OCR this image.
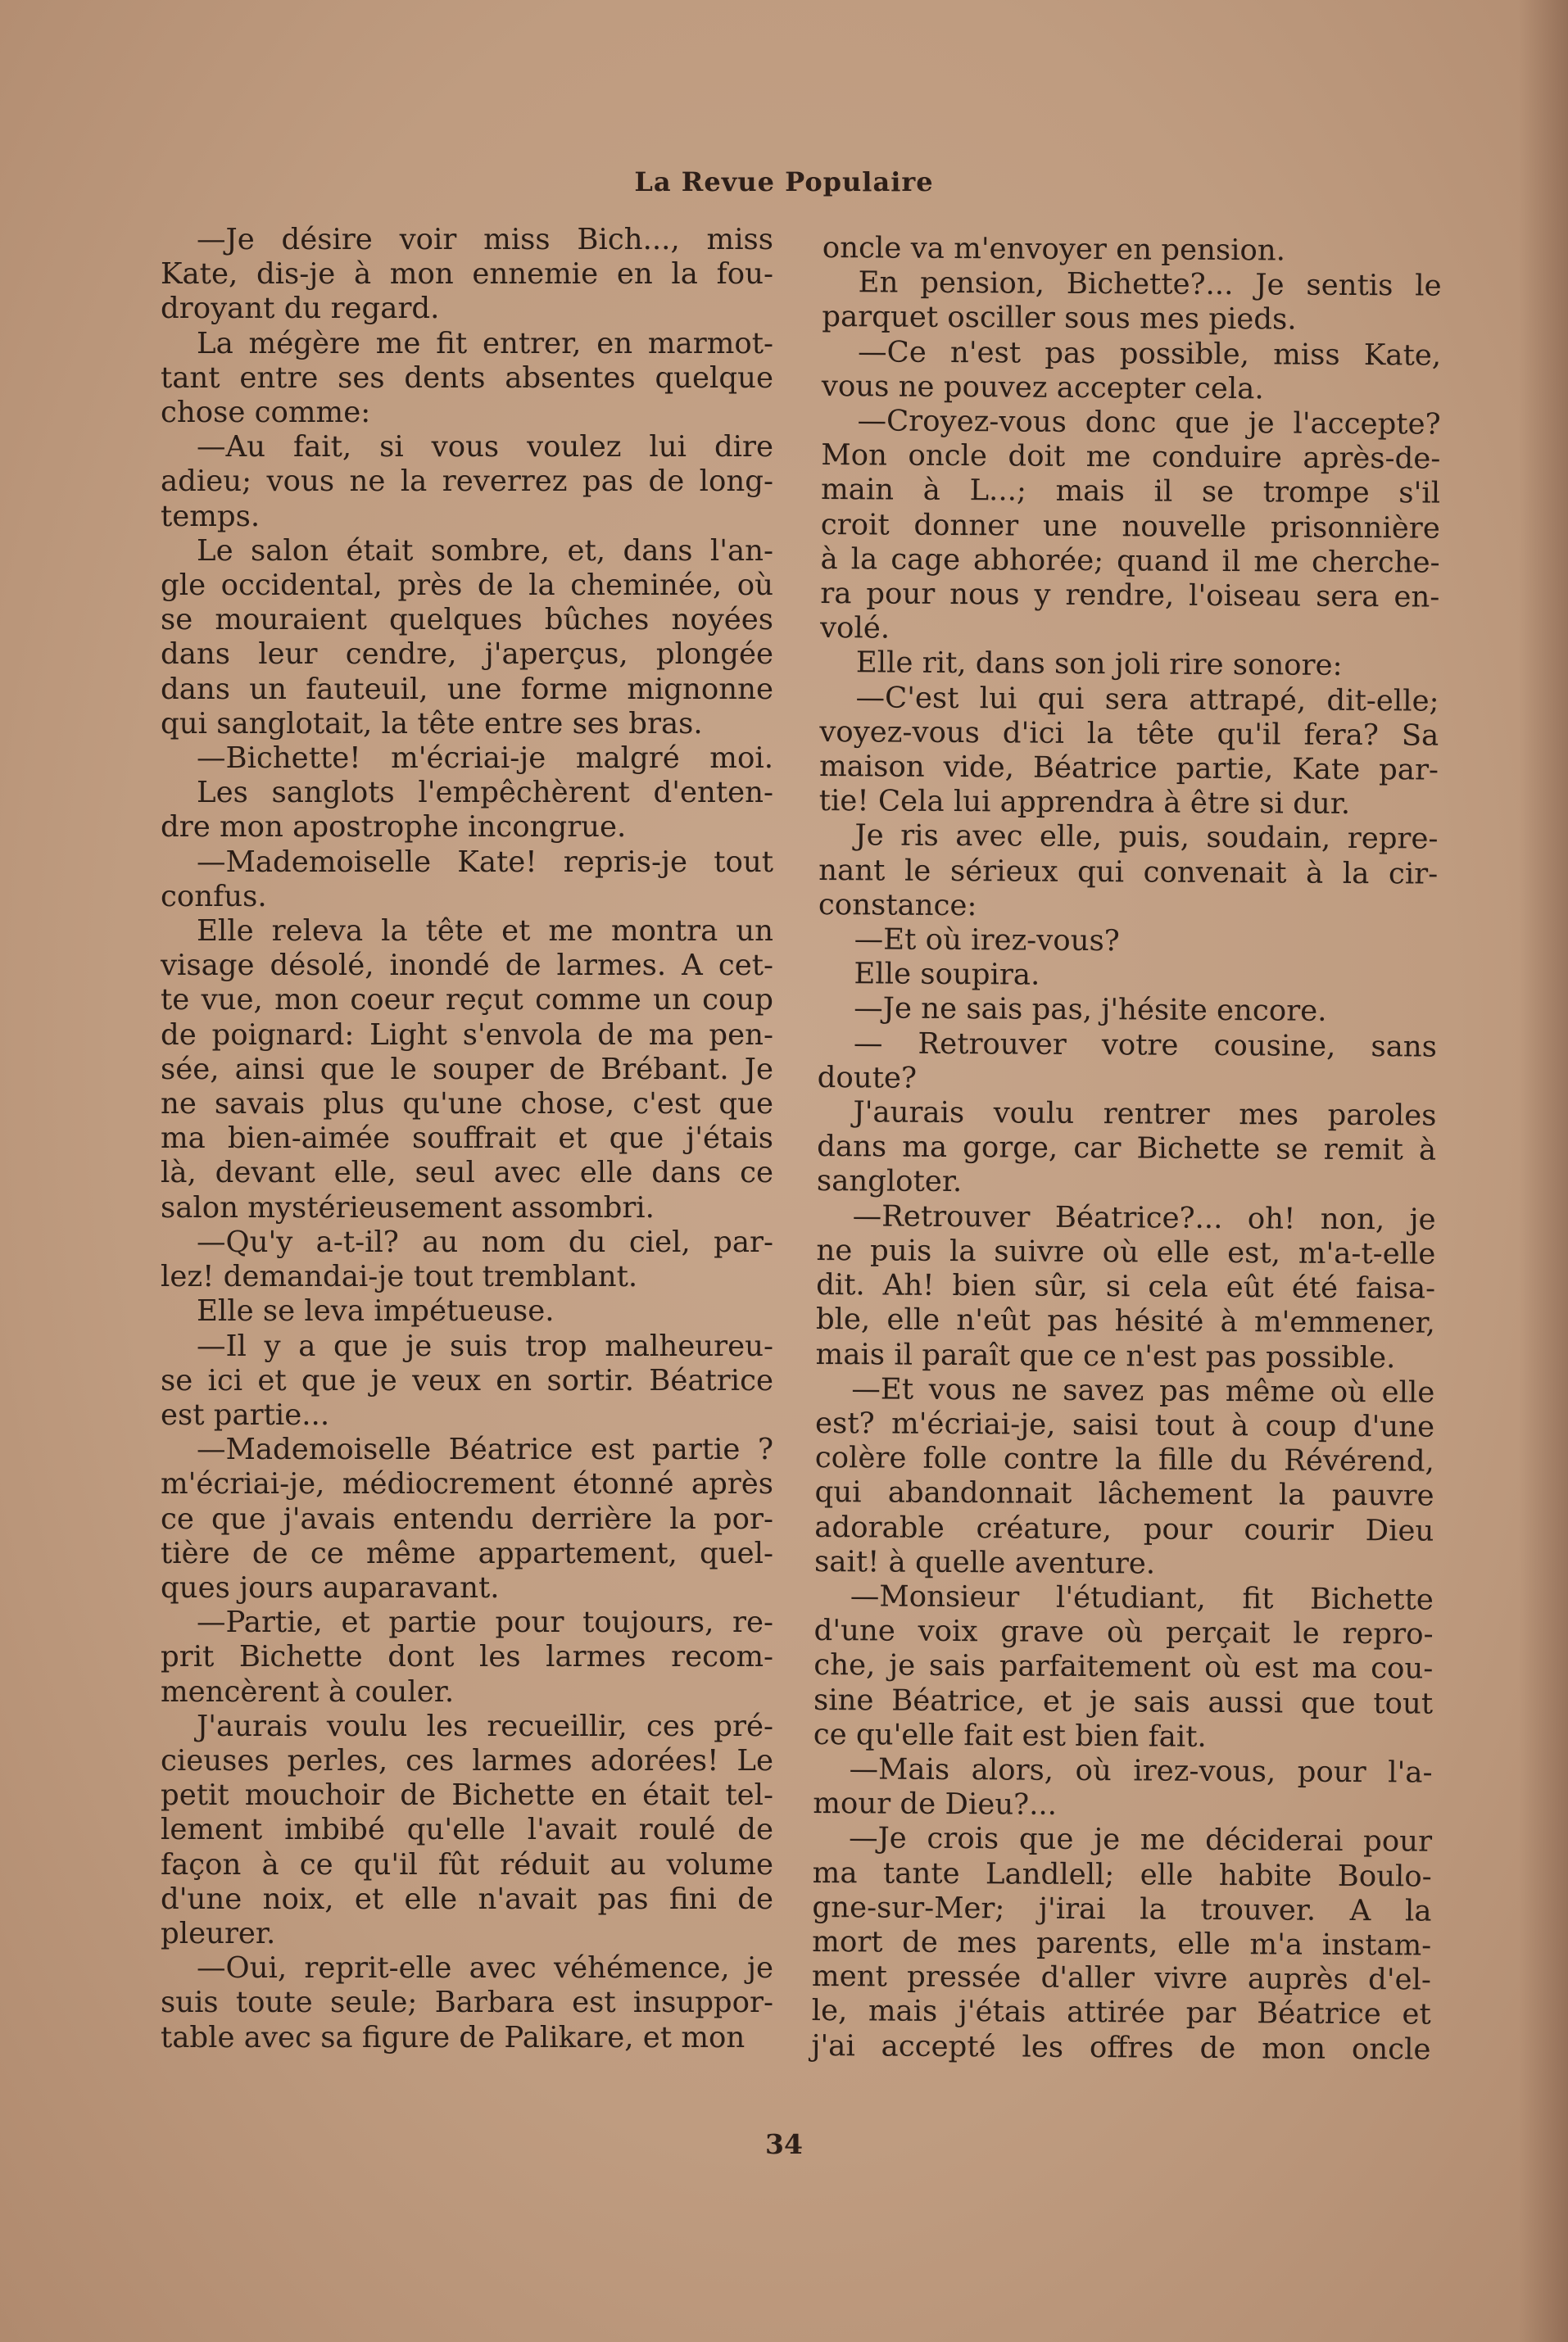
La Revue Populaire
—Je désire voir miss Bich..., miss
Kate, dis-je à mon ennemie en la fou-
droyant du regard.
La mégère me fit entrer, en marmot-
tant entre ses dents absentes quelque
chose comme:
—Au fait, si vous voulez lui dire
adieu; vous ne la reverrez pas de long-
temps.
Le salon était sombre, et, dans l'an-
gle occidental, près de la cheminée, où
se mouraient quelques bûches noyées
dans leur cendre, j'aperçus, plongée
dans un fauteuil, une forme mignonne
qui sanglotait, la tête entre ses bras.
—Bichette! m'écriai-je malgré moi.
Les sanglots l'empêchèrent d'enten-
dre mon apostrophe incongrue.
—Mademoiselle Kate! repris-je tout
confus.
Elle releva la tête et me montra un
visage désolé, inondé de larmes. A cet-
te vue, mon coeur reçut comme un coup
de poignard: Light s'envola de ma pen-
sée, ainsi que le souper de Brébant. Je
ne savais plus qu'une chose, c'est que
ma bien-aimée souffrait et que j'étais
là, devant elle, seul avec elle dans ce
salon mystérieusement assombri.
—Qu'y a-t-il? au nom du ciel, par-
lez! demandai-je tout tremblant.
Elle se leva impétueuse.
—Il y a que je suis trop malheureu-
se ici et que je veux en sortir. Béatrice
est partie...
—Mademoiselle Béatrice est partie ?
m'écriai-je, médiocrement étonné après
ce que j'avais entendu derrière la por-
tière de ce même appartement, quel-
ques jours auparavant.
—Partie, et partie pour toujours, re-
prit Bichette dont les larmes recom-
mencèrent à couler.
J'aurais voulu les recueillir, ces pré-
cieuses perles, ces larmes adorées! Le
petit mouchoir de Bichette en était tel-
lement imbibé qu'elle l'avait roulé de
façon à ce qu'il fût réduit au volume
d'une noix, et elle n'avait pas fini de
pleurer.
—Oui, reprit-elle avec véhémence, je
suis toute seule; Barbara est insuppor-
table avec sa figure de Palikare, et mon
oncle va m'envoyer en pension.
En pension, Bichette?... Je sentis le
parquet osciller sous mes pieds.
—Ce n'est pas possible, miss Kate,
vous ne pouvez accepter cela.
—Croyez-vous donc que je l'accepte?
Mon oncle doit me conduire après-de-
main à L...; mais il se trompe s'il
croit donner une nouvelle prisonnière
à la cage abhorée; quand il me cherche-
ra pour nous y rendre, l'oiseau sera en-
volé.
Elle rit, dans son joli rire sonore:
—C'est lui qui sera attrapé, dit-elle;
voyez-vous d'ici la tête qu'il fera? Sa
maison vide, Béatrice partie, Kate par-
tie! Cela lui apprendra à être si dur.
Je ris avec elle, puis, soudain, repre-
nant le sérieux qui convenait à la cir-
constance:
—Et où irez-vous?
Elle soupira.
—Je ne sais pas, j'hésite encore.
— Retrouver votre cousine, sans
doute?
J'aurais voulu rentrer mes paroles
dans ma gorge, car Bichette se remit à
sangloter.
—Retrouver Béatrice?... oh! non, je
ne puis la suivre où elle est, m'a-t-elle
dit. Ah! bien sûr, si cela eût été faisa-
ble, elle n'eût pas hésité à m'emmener,
mais il paraît que ce n'est pas possible.
—Et vous ne savez pas même où elle
est? m'écriai-je, saisi tout à coup d'une
colère folle contre la fille du Révérend,
qui abandonnait lâchement la pauvre
adorable créature, pour courir Dieu
sait! à quelle aventure.
—Monsieur l'étudiant, fit Bichette
d'une voix grave où perçait le repro-
che, je sais parfaitement où est ma cou-
sine Béatrice, et je sais aussi que tout
ce qu'elle fait est bien fait.
—Mais alors, où irez-vous, pour l'a-
mour de Dieu?...
—Je crois que je me déciderai pour
ma tante Landlell; elle habite Boulo-
gne-sur-Mer; j'irai la trouver. A la
mort de mes parents, elle m'a instam-
ment pressée d'aller vivre auprès d'el-
le, mais j'étais attirée par Béatrice et
j'ai accepté les offres de mon oncle
34
